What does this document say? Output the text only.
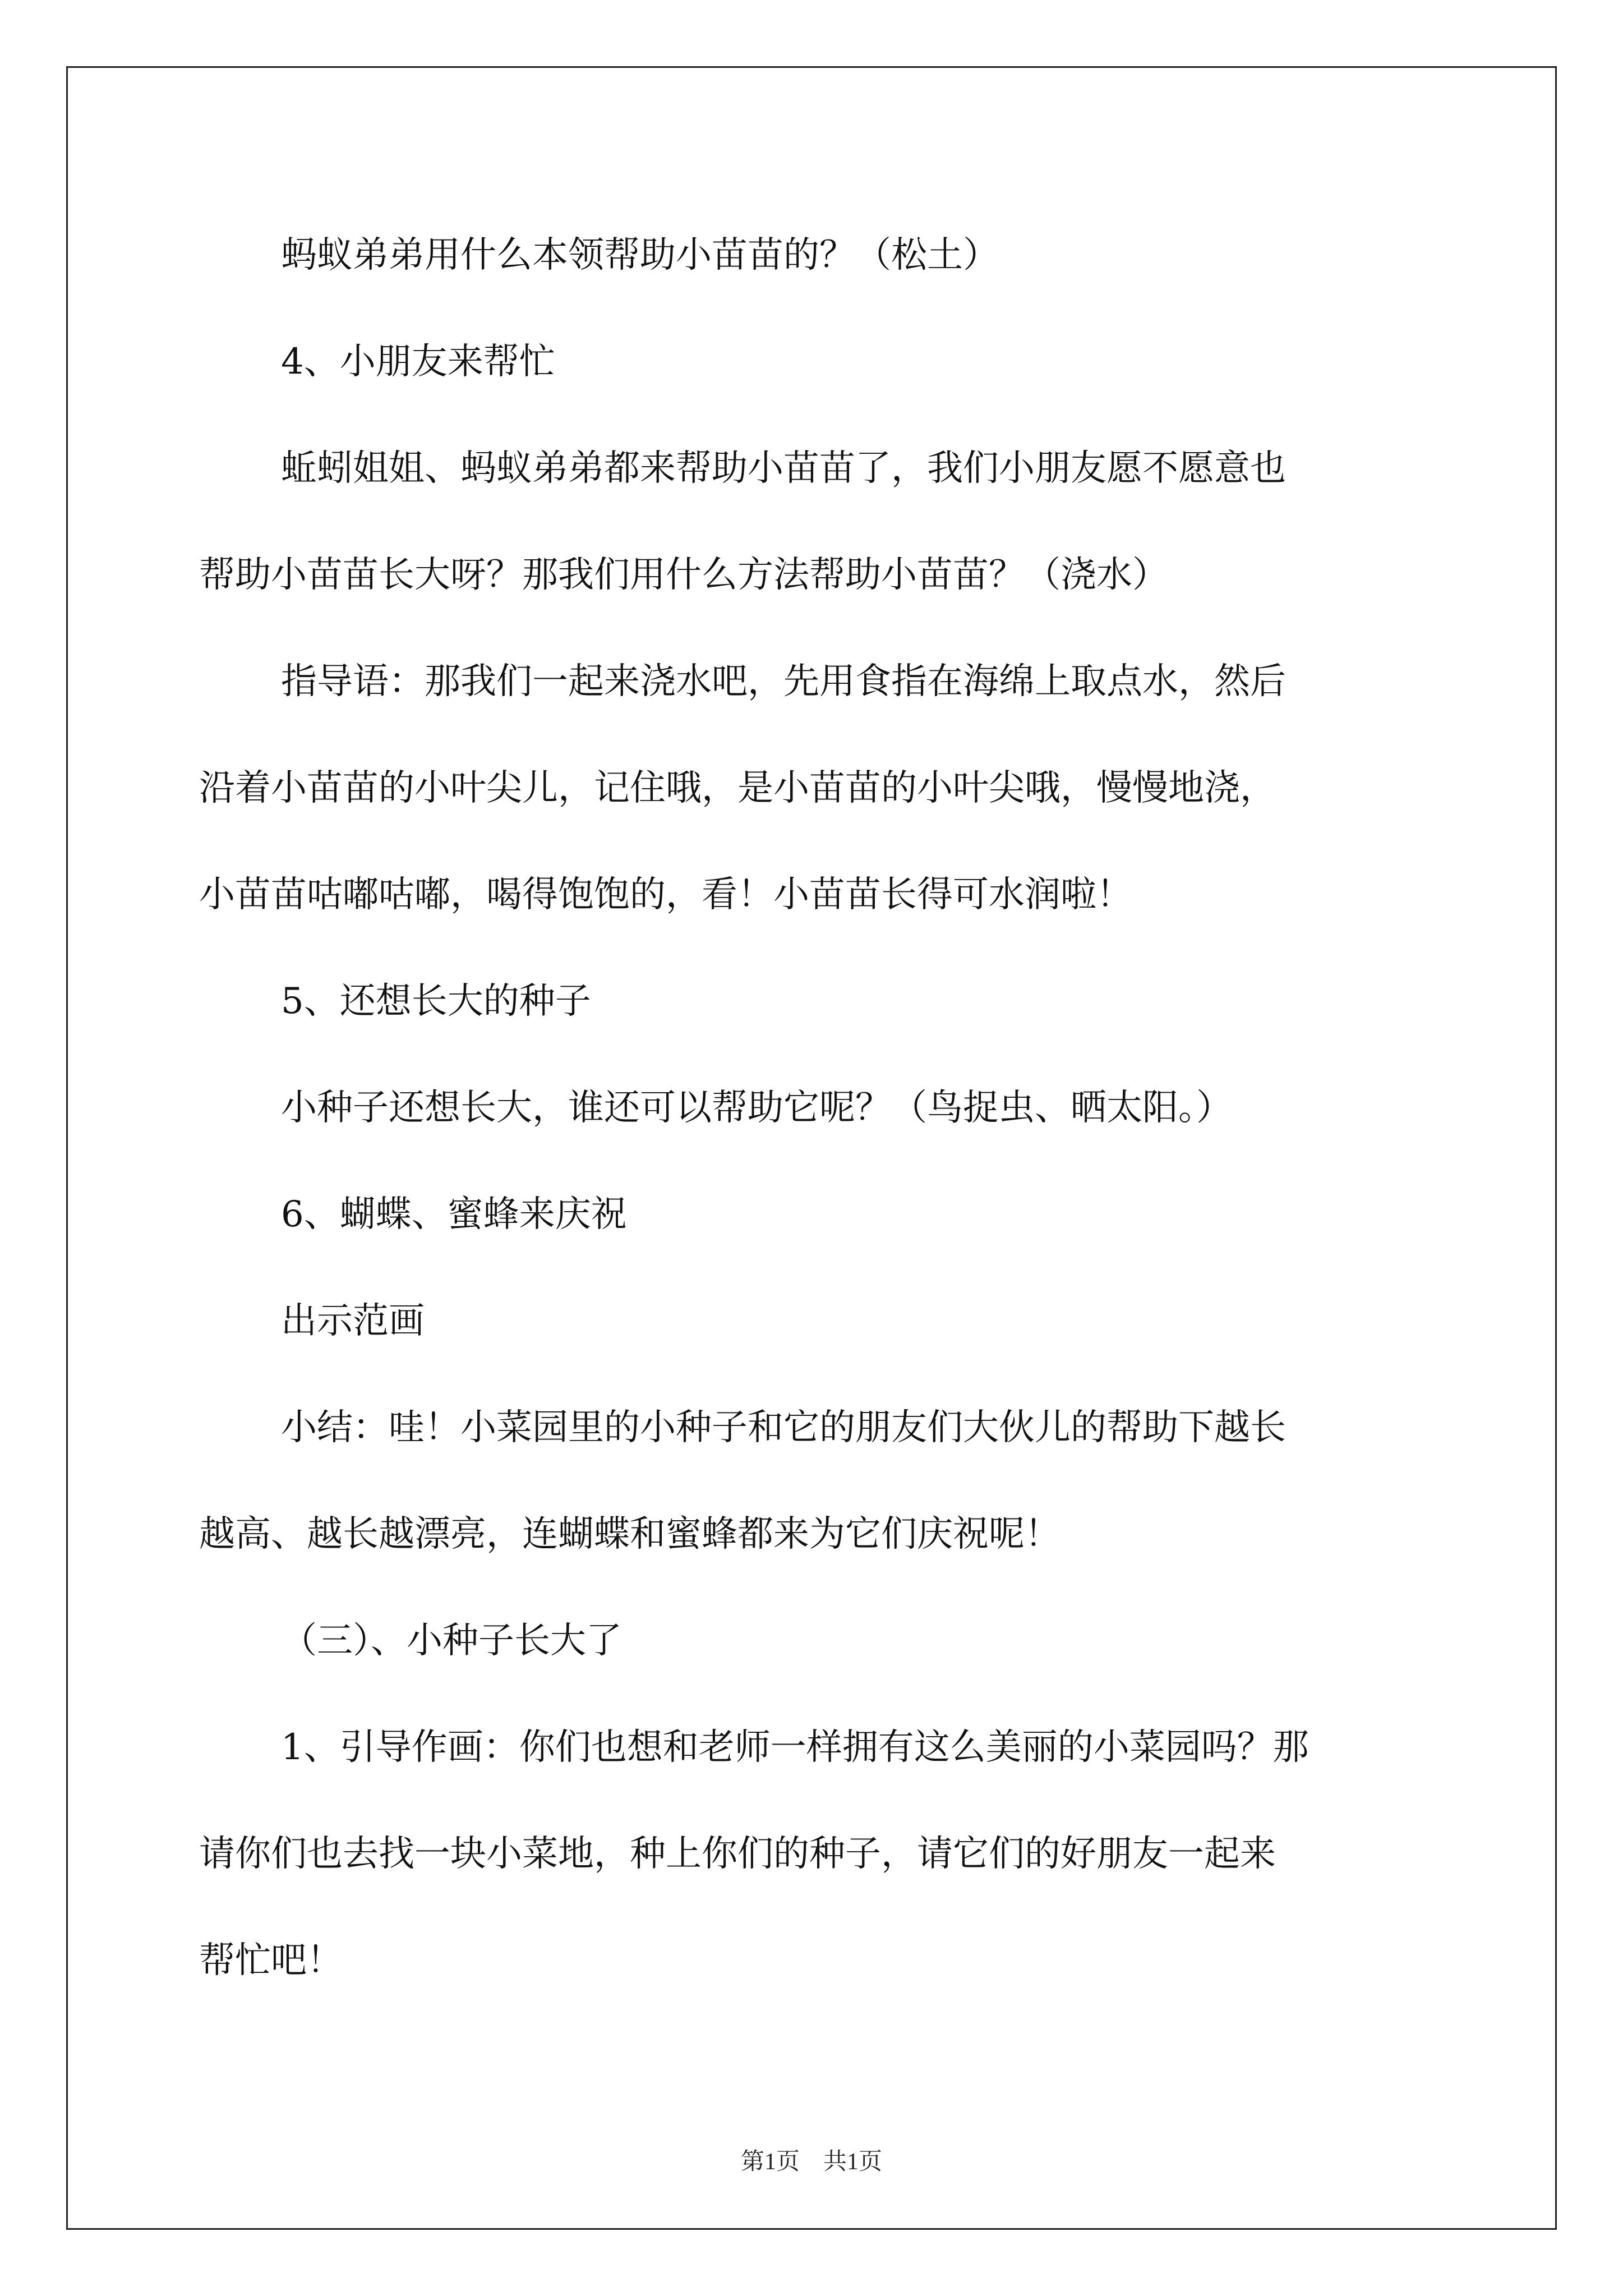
蚂蚁弟弟用什么本领帮助小苗苗的？（松土）

4、小朋友来帮忙

蚯蚓姐姐、蚂蚁弟弟都来帮助小苗苗了，我们小朋友愿不愿意也

帮助小苗苗长大呀？那我们用什么方法帮助小苗苗？（浇水）

指导语：那我们一起来浇水吧，先用食指在海绵上取点水，然后

沿着小苗苗的小叶尖儿，记住哦，是小苗苗的小叶尖哦，慢慢地浇，

小苗苗咕嘟咕嘟，喝得饱饱的，看！小苗苗长得可水润啦！

5、还想长大的种子

小种子还想长大，谁还可以帮助它呢？（鸟捉虫、晒太阳。）

6、蝴蝶、蜜蜂来庆祝

出示范画

小结：哇！小菜园里的小种子和它的朋友们大伙儿的帮助下越长

越高、越长越漂亮，连蝴蝶和蜜蜂都来为它们庆祝呢！

（三）、小种子长大了

1、引导作画：你们也想和老师一样拥有这么美丽的小菜园吗？那

请你们也去找一块小菜地，种上你们的种子，请它们的好朋友一起来

帮忙吧！

第1页　共1页
